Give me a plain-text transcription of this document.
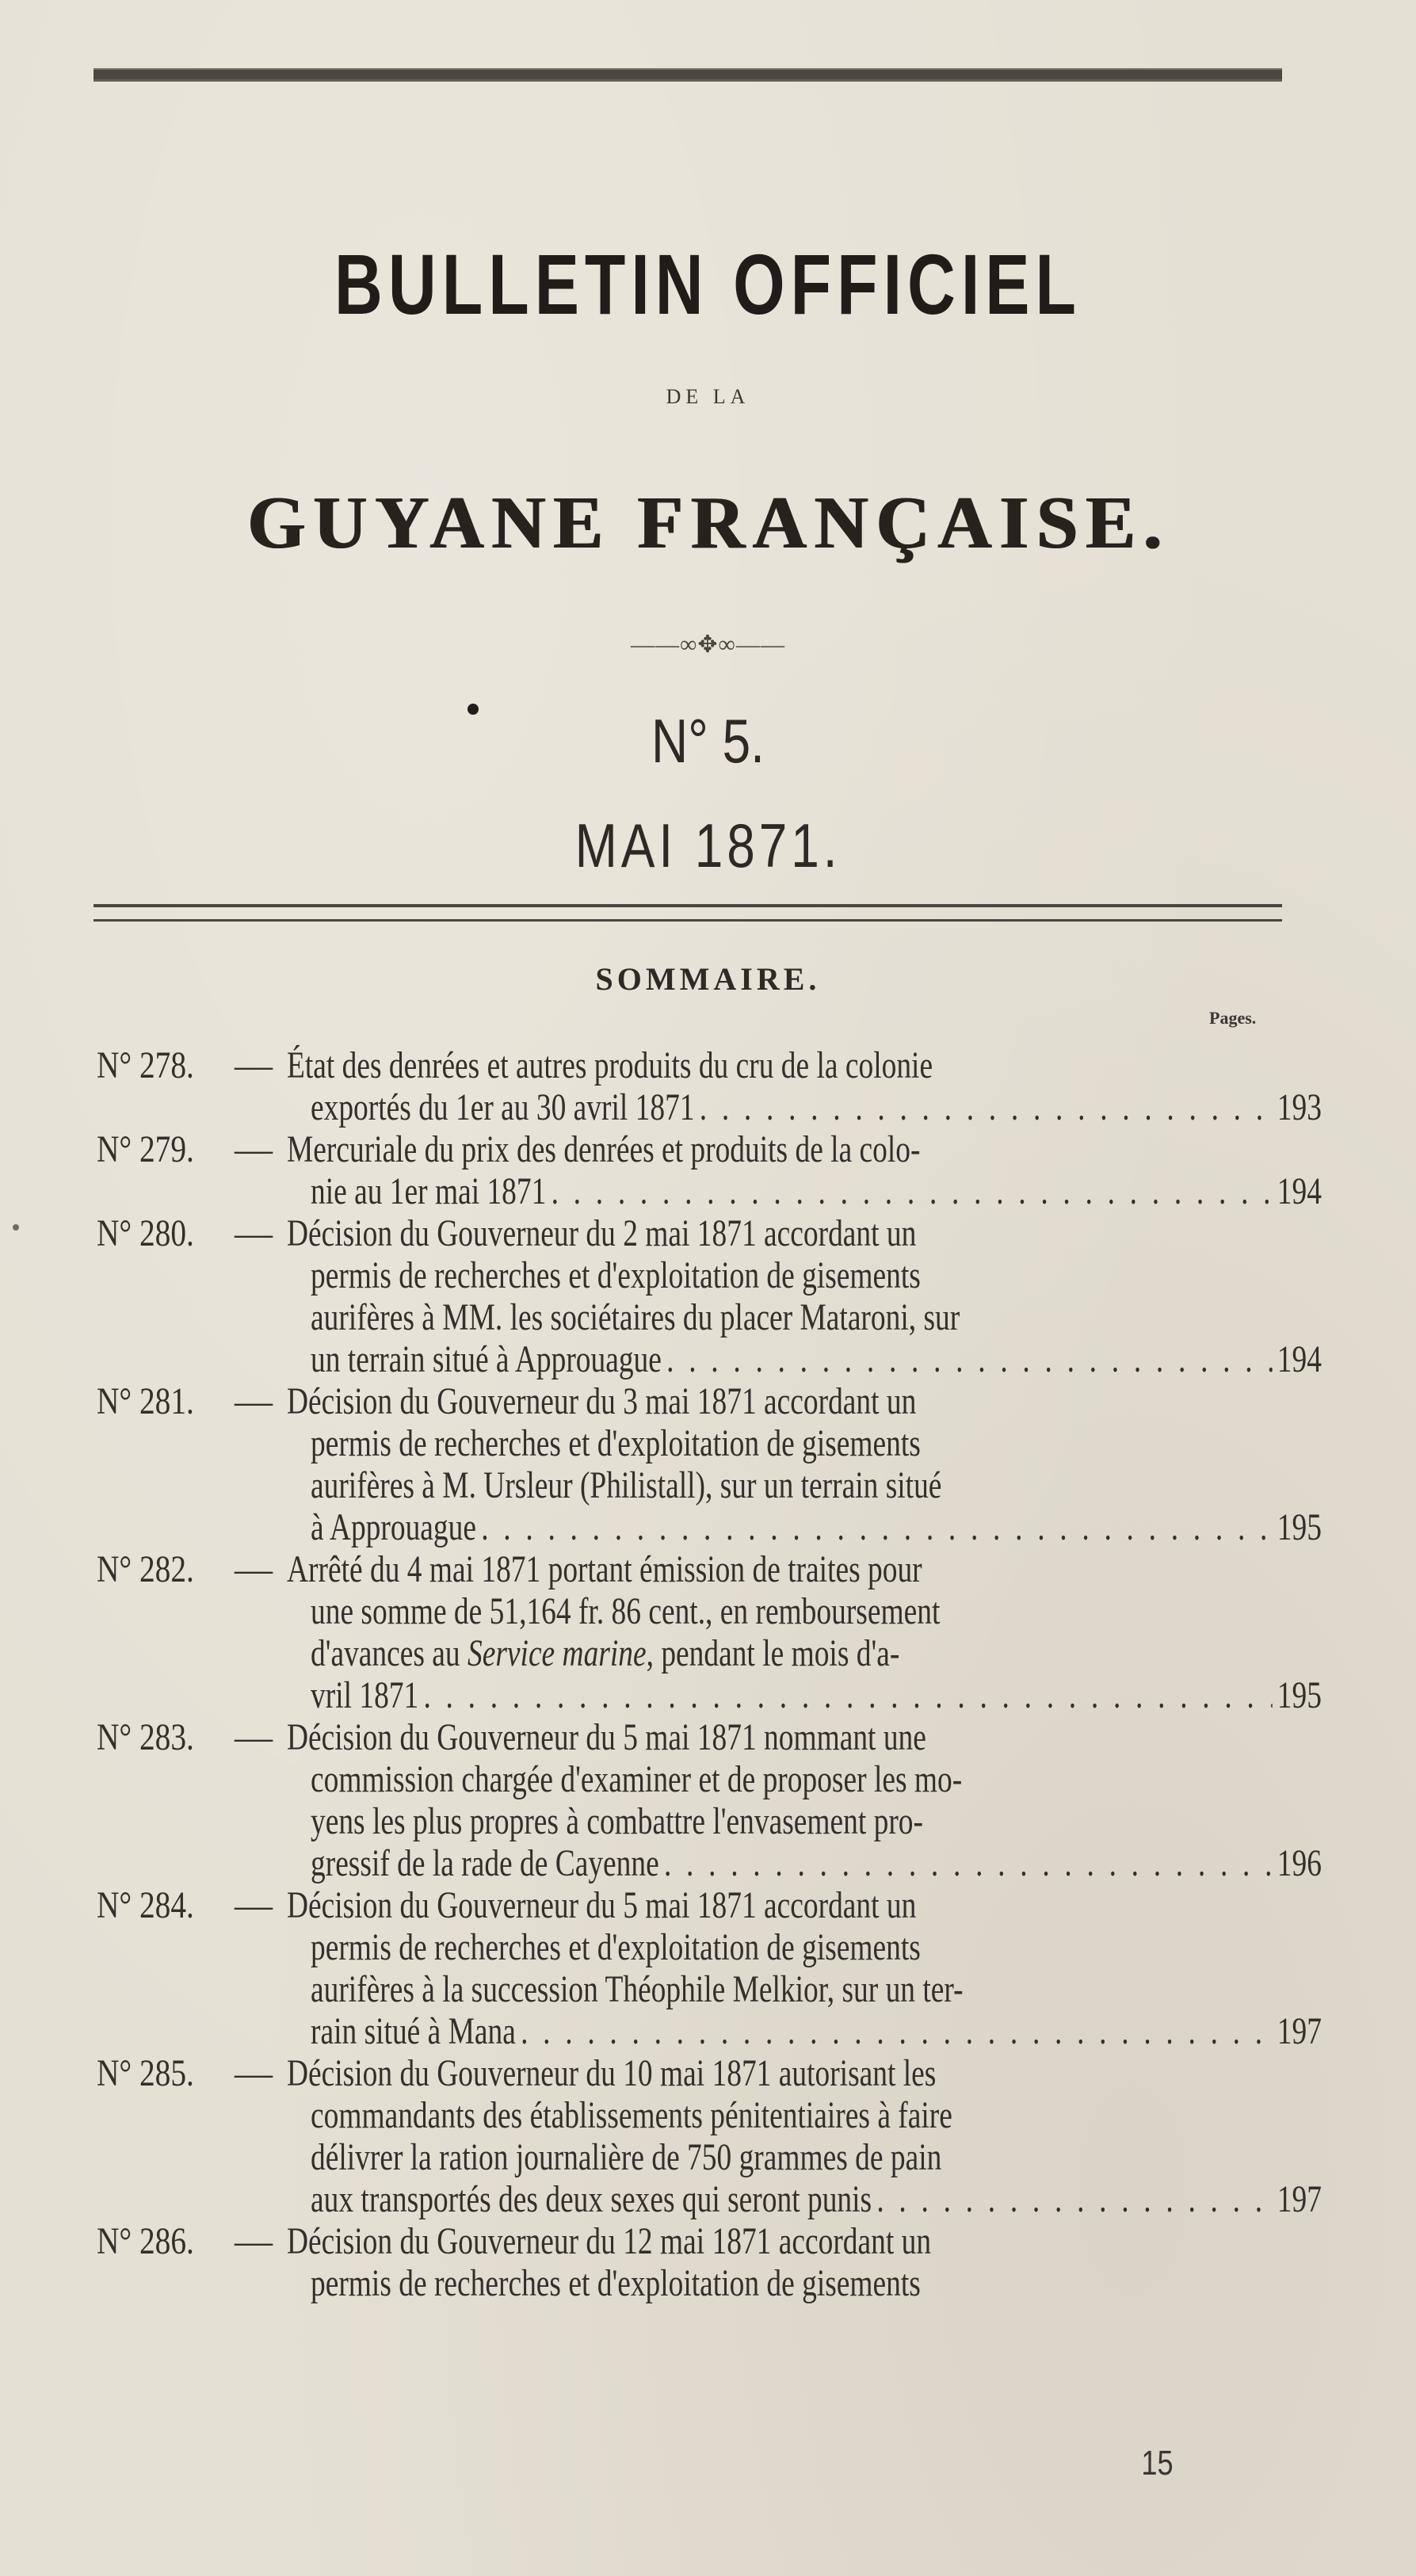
BULLETIN OFFICIEL
DE LA
GUYANE FRANÇAISE.
——∞✥∞——
N° 5.
MAI 1871.
SOMMAIRE.
Pages.
N° 278.	— État des denrées et autres produits du cru de la colonie
exportés du 1er au 30 avril 1871 . . .	193
N° 279.	— Mercuriale du prix des denrées et produits de la colo-
nie au 1er mai 1871 . . .	194
N° 280.	— Décision du Gouverneur du 2 mai 1871 accordant un
permis de recherches et d'exploitation de gisements
aurifères à MM. les sociétaires du placer Mataroni, sur
un terrain situé à Approuague . . .	194
N° 281.	— Décision du Gouverneur du 3 mai 1871 accordant un
permis de recherches et d'exploitation de gisements
aurifères à M. Ursleur (Philistall), sur un terrain situé
à Approuague . . .	195
N° 282.	— Arrêté du 4 mai 1871 portant émission de traites pour
une somme de 51,164 fr. 86 cent., en remboursement
d'avances au Service marine, pendant le mois d'a-
vril 1871 . . .	195
N° 283.	— Décision du Gouverneur du 5 mai 1871 nommant une
commission chargée d'examiner et de proposer les mo-
yens les plus propres à combattre l'envasement pro-
gressif de la rade de Cayenne . . .	196
N° 284.	— Décision du Gouverneur du 5 mai 1871 accordant un
permis de recherches et d'exploitation de gisements
aurifères à la succession Théophile Melkior, sur un ter-
rain situé à Mana . . .	197
N° 285.	— Décision du Gouverneur du 10 mai 1871 autorisant les
commandants des établissements pénitentiaires à faire
délivrer la ration journalière de 750 grammes de pain
aux transportés des deux sexes qui seront punis . . .	197
N° 286.	— Décision du Gouverneur du 12 mai 1871 accordant un
permis de recherches et d'exploitation de gisements
15
